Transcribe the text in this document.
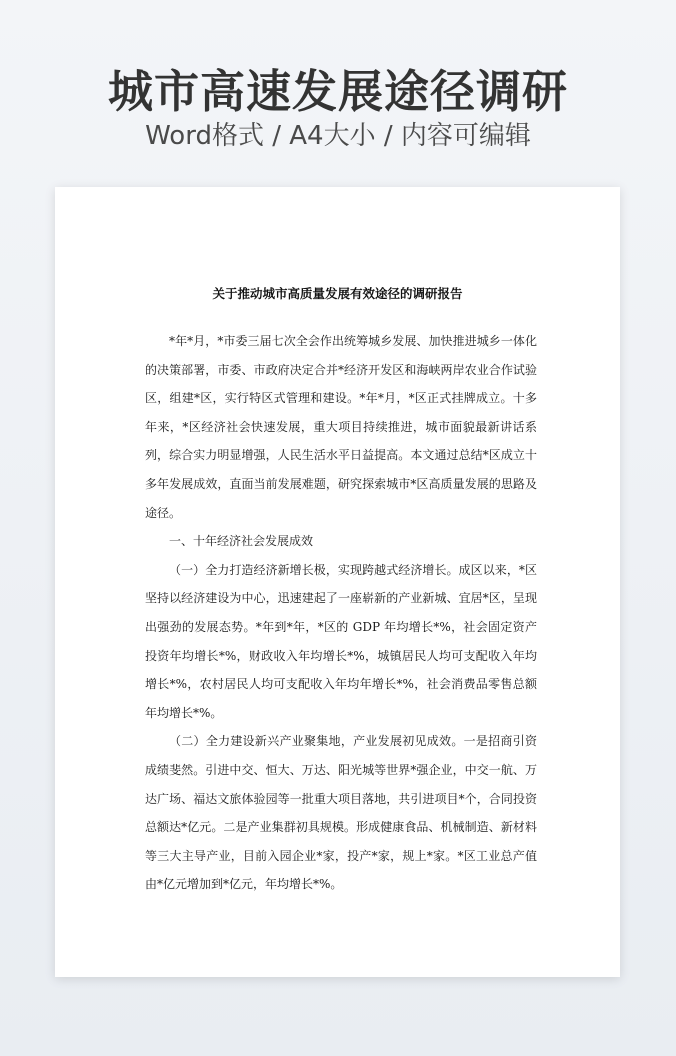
城市高速发展途径调研
Word格式 / A4大小 / 内容可编辑
关于推动城市高质量发展有效途径的调研报告

*年*月，*市委三届七次全会作出统筹城乡发展、加快推进城乡一体化的决策部署，市委、市政府决定合并*经济开发区和海峡两岸农业合作试验区，组建*区，实行特区式管理和建设。*年*月，*区正式挂牌成立。十多年来，*区经济社会快速发展，重大项目持续推进，城市面貌最新讲话系列，综合实力明显增强，人民生活水平日益提高。本文通过总结*区成立十多年发展成效，直面当前发展难题，研究探索城市*区高质量发展的思路及途径。

一、十年经济社会发展成效

（一）全力打造经济新增长极，实现跨越式经济增长。成区以来，*区坚持以经济建设为中心，迅速建起了一座崭新的产业新城、宜居*区，呈现出强劲的发展态势。*年到*年，*区的 GDP 年均增长*%，社会固定资产投资年均增长*%，财政收入年均增长*%，城镇居民人均可支配收入年均增长*%，农村居民人均可支配收入年均年增长*%，社会消费品零售总额年均增长*%。

（二）全力建设新兴产业聚集地，产业发展初见成效。一是招商引资成绩斐然。引进中交、恒大、万达、阳光城等世界*强企业，中交一航、万达广场、福达文旅体验园等一批重大项目落地，共引进项目*个，合同投资总额达*亿元。二是产业集群初具规模。形成健康食品、机械制造、新材料等三大主导产业，目前入园企业*家，投产*家，规上*家。*区工业总产值由*亿元增加到*亿元，年均增长*%。
